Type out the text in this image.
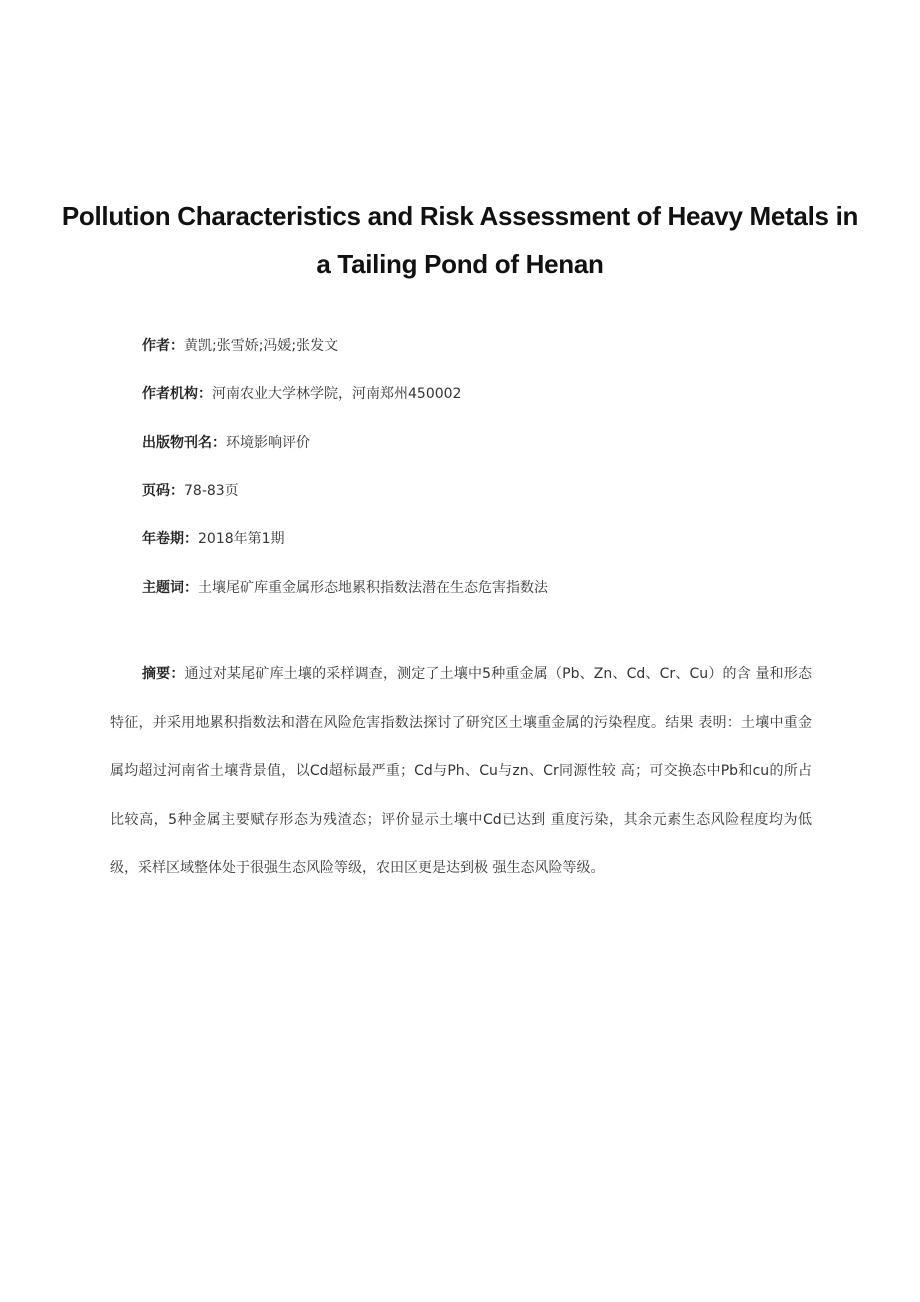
Pollution Characteristics and Risk Assessment of Heavy Metals in a Tailing Pond of Henan
作者：黄凯;张雪娇;冯媛;张发文
作者机构：河南农业大学林学院，河南郑州450002
出版物刊名：环境影响评价
页码：78-83页
年卷期：2018年第1期
主题词：土壤尾矿库重金属形态地累积指数法潜在生态危害指数法

摘要：通过对某尾矿库土壤的采样调查，测定了土壤中5种重金属（Pb、Zn、Cd、Cr、Cu）的含 量和形态特征，并采用地累积指数法和潜在风险危害指数法探讨了研究区土壤重金属的污染程度。结果 表明：土壤中重金属均超过河南省土壤背景值，以Cd超标最严重；Cd与Ph、Cu与zn、Cr同源性较 高；可交换态中Pb和cu的所占比较高，5种金属主要赋存形态为残渣态；评价显示土壤中Cd已达到 重度污染，其余元素生态风险程度均为低级，采样区域整体处于很强生态风险等级，农田区更是达到极 强生态风险等级。
